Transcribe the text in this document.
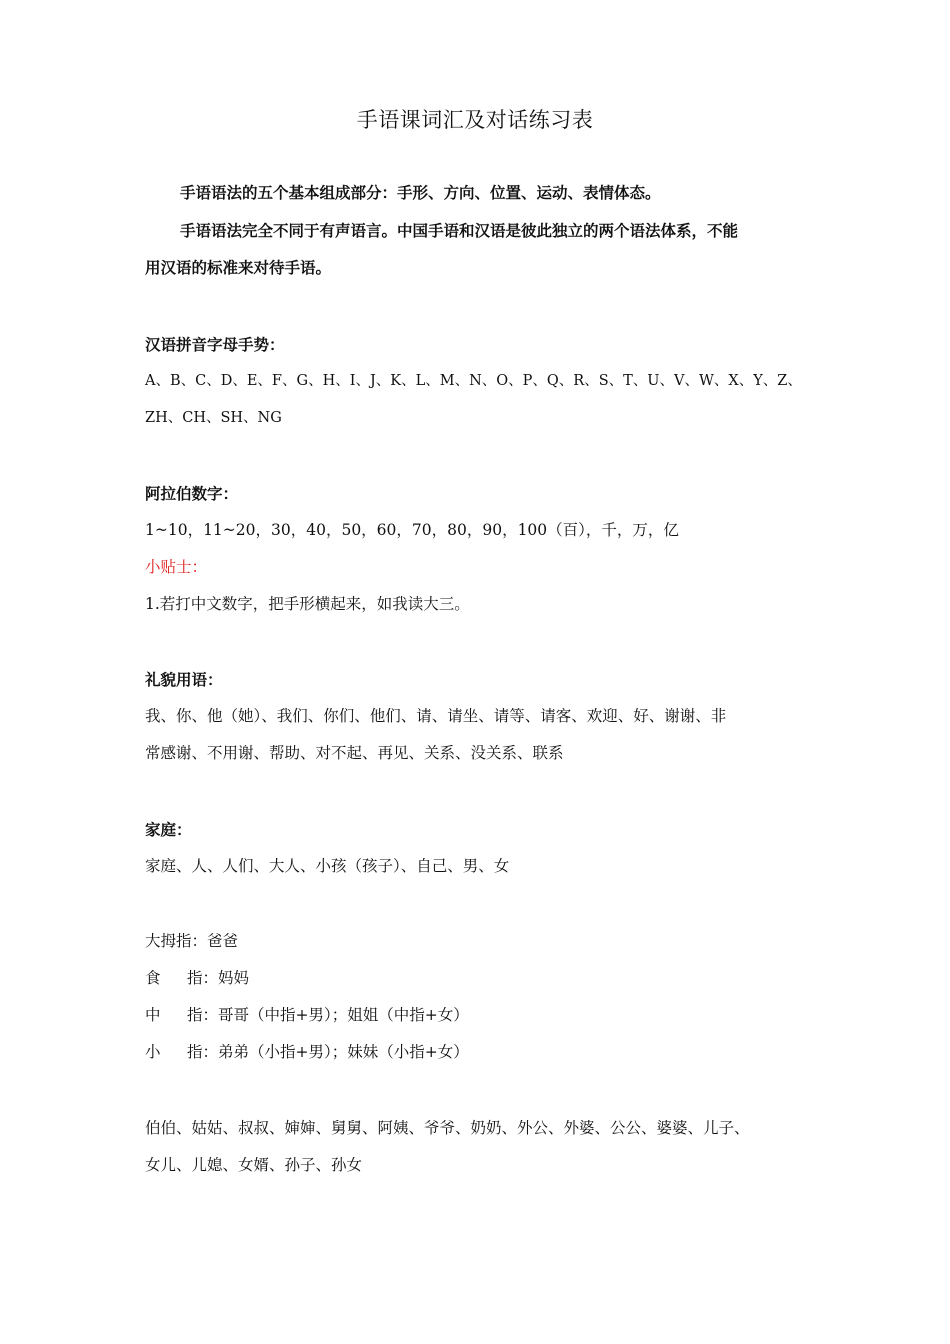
手语课词汇及对话练习表
手语语法的五个基本组成部分：手形、方向、位置、运动、表情体态。
手语语法完全不同于有声语言。中国手语和汉语是彼此独立的两个语法体系，不能
用汉语的标准来对待手语。
汉语拼音字母手势：
A、B、C、D、E、F、G、H、I、J、K、L、M、N、O、P、Q、R、S、T、U、V、W、X、Y、Z、
ZH、CH、SH、NG
阿拉伯数字：
1~10，11~20，30，40，50，60，70，80，90，100（百），千，万，亿
小贴士：
1.若打中文数字，把手形横起来，如我读大三。
礼貌用语：
我、你、他（她）、我们、你们、他们、请、请坐、请等、请客、欢迎、好、谢谢、非
常感谢、不用谢、帮助、对不起、再见、关系、没关系、联系
家庭：
家庭、人、人们、大人、小孩（孩子）、自己、男、女
大拇指：爸爸
食 指：妈妈
中 指：哥哥（中指+男）；姐姐（中指+女）
小 指：弟弟（小指+男）；妹妹（小指+女）
伯伯、姑姑、叔叔、婶婶、舅舅、阿姨、爷爷、奶奶、外公、外婆、公公、婆婆、儿子、
女儿、儿媳、女婿、孙子、孙女
